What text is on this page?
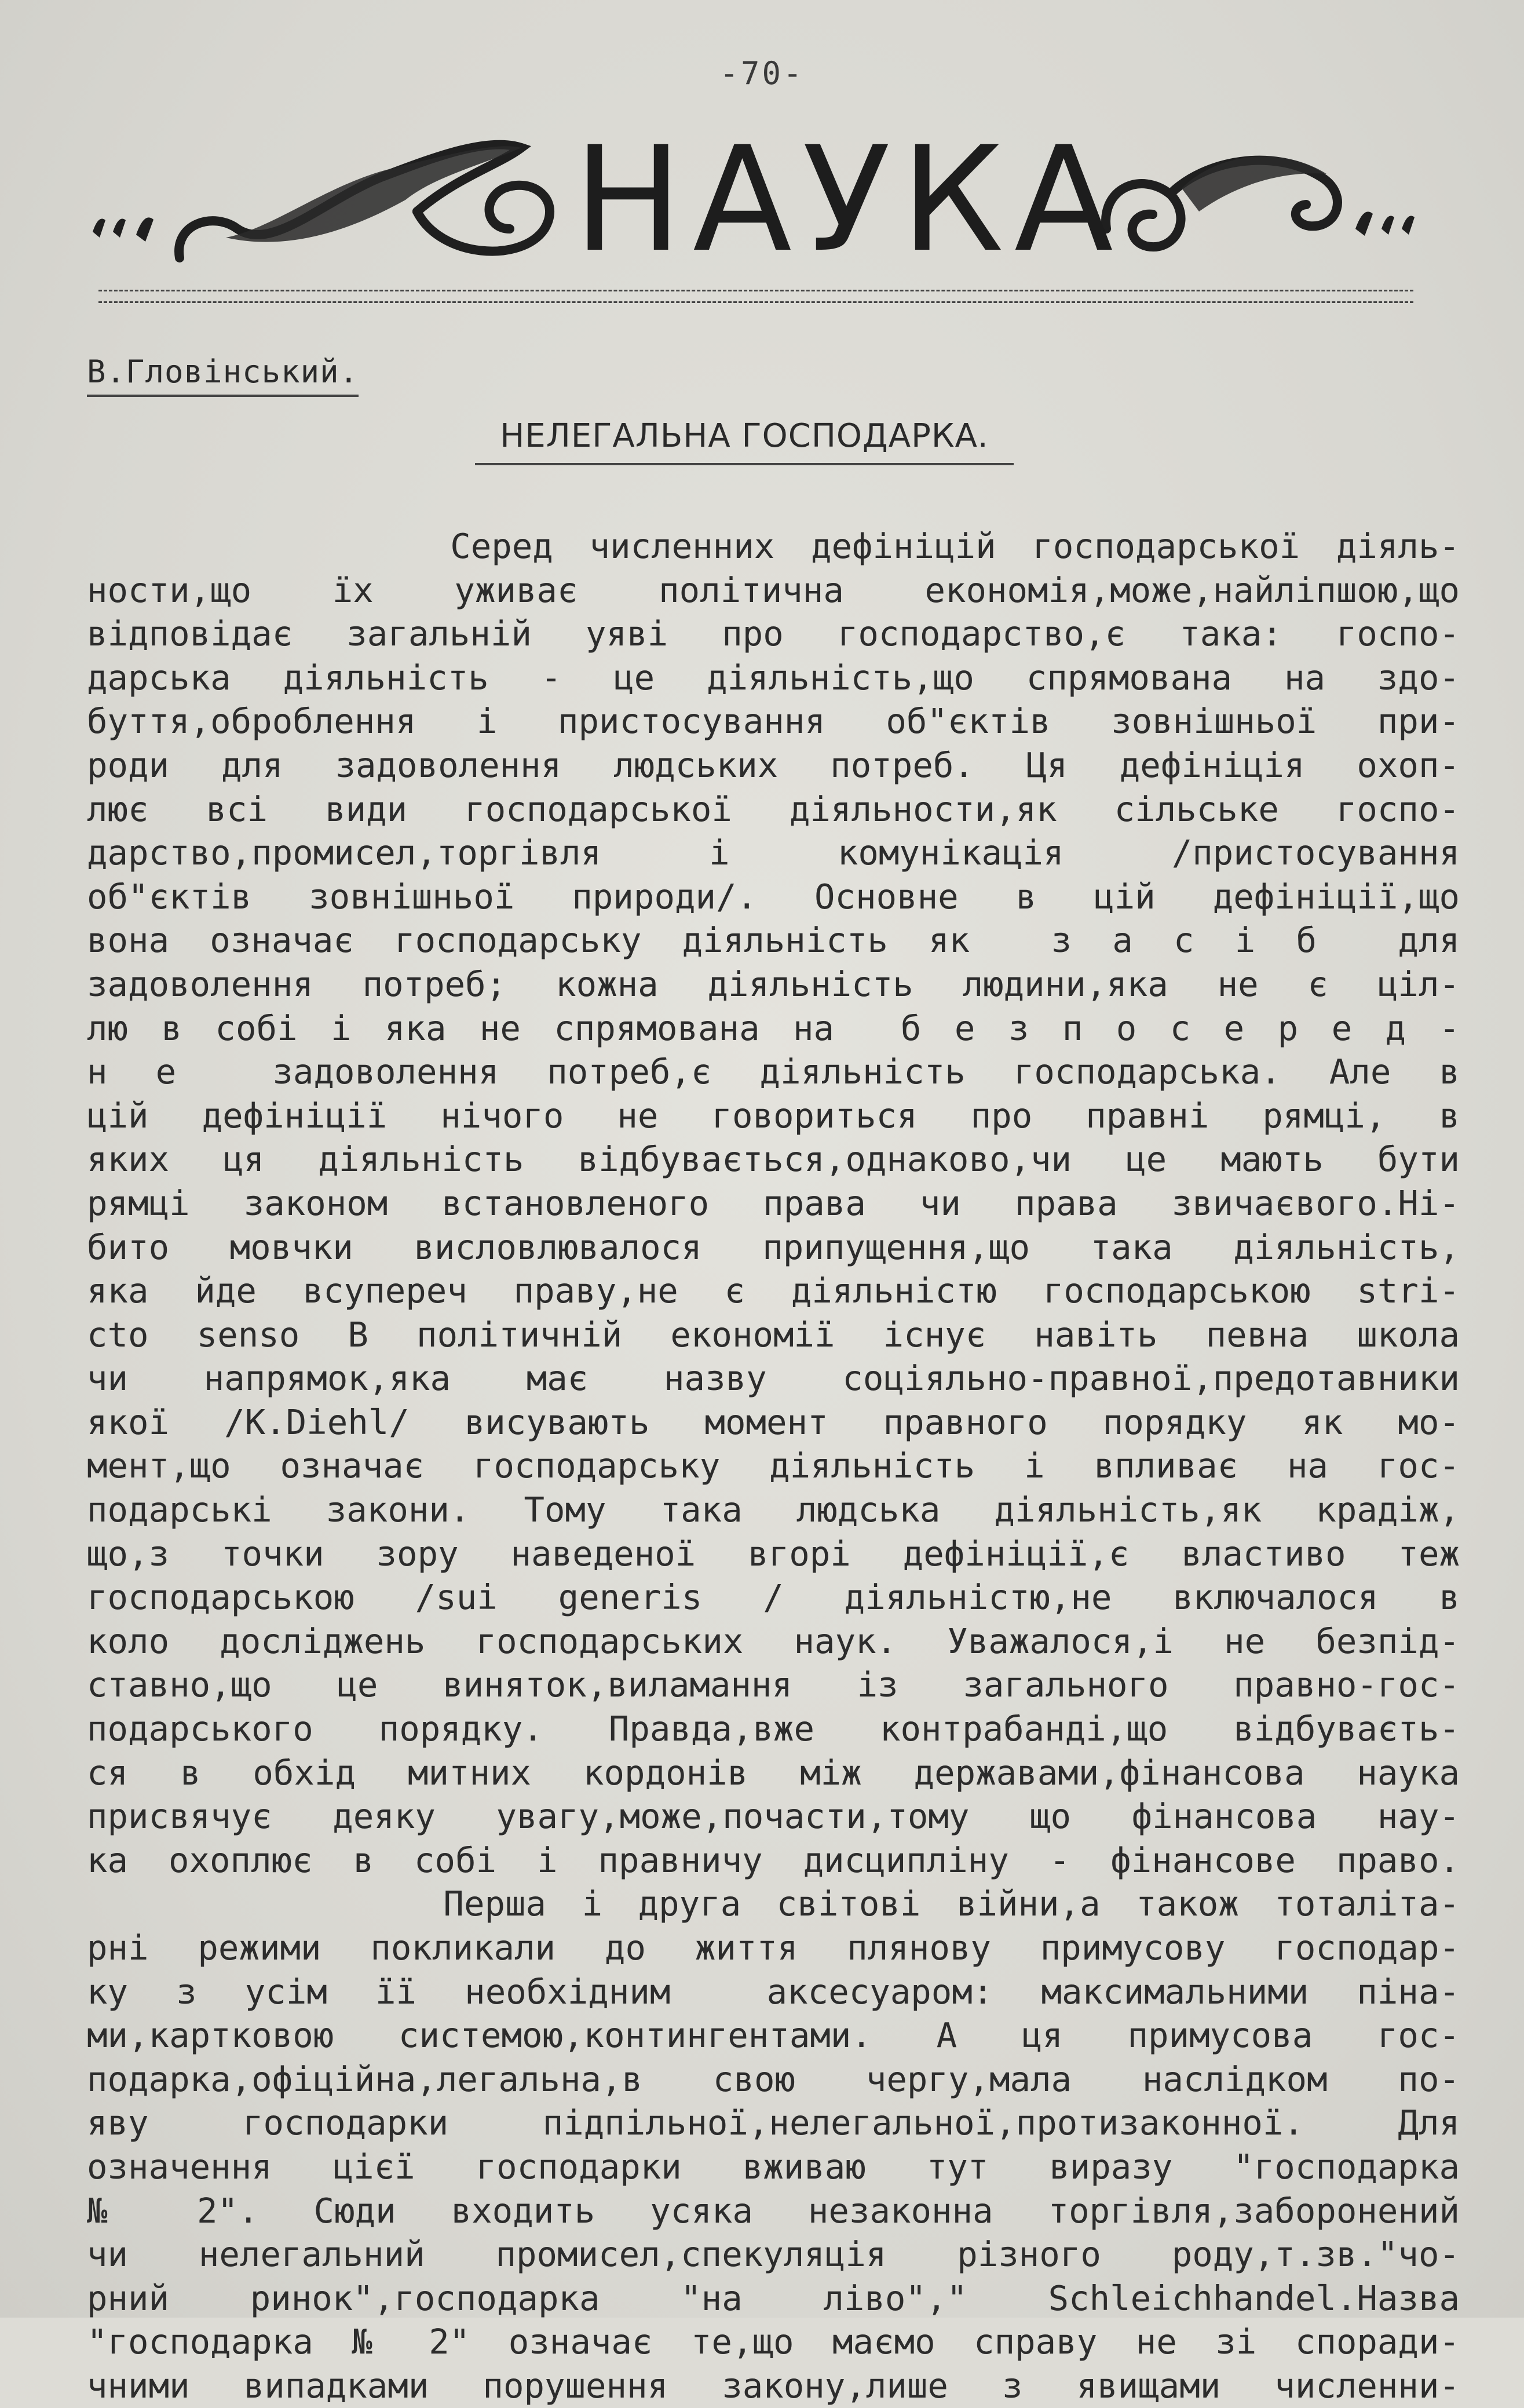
-70-
НАУКА
В.Гловінський.
НЕЛЕГАЛЬНА ГОСПОДАРКА.
Серед численних дефініцій господарської діяль-
ности,що їх уживає політична економія,може,найліпшою,що
відповідає загальній уяві про господарство,є така: госпо-
дарська діяльність - це діяльність,що спрямована на здо-
буття,оброблення і пристосування об"єктів зовнішньої при-
роди для задоволення людських потреб. Ця дефініція охоп-
лює всі види господарської діяльности,як сільське госпо-
дарство,промисел,торгівля і комунікація /пристосування
об"єктів зовнішньої природи/. Основне в цій дефініції,що
вона означає господарську діяльність як  з а с і б  для
задоволення потреб; кожна діяльність людини,яка не є ціл-
лю в собі і яка не спрямована на  б е з п о с е р е д -
н е  задоволення потреб,є діяльність господарська. Але в
цій дефініції нічого не говориться про правні рямці, в
яких ця діяльність відбувається,однаково,чи це мають бути
рямці законом встановленого права чи права звичаєвого.Ні-
бито мовчки висловлювалося припущення,що така діяльність,
яка йде всупереч праву,не є діяльністю господарською stri-
cto senso В політичній економії існує навіть певна школа
чи напрямок,яка має назву соціяльно-правної,предотавники
якої /K.Diehl/ висувають момент правного порядку як мо-
мент,що означає господарську діяльність і впливає на гос-
подарські закони. Тому така людська діяльність,як крадіж,
що,з точки зору наведеної вгорі дефініції,є властиво теж
господарською /sui generis / діяльністю,не включалося в
коло досліджень господарських наук. Уважалося,і не безпід-
ставно,що це виняток,виламання із загального правно-гос-
подарського порядку. Правда,вже контрабанді,що відбуваєть-
ся в обхід митних кордонів між державами,фінансова наука
присвячує деяку увагу,може,почасти,тому що фінансова нау-
ка охоплює в собі і правничу дисципліну - фінансове право.
Перша і друга світові війни,а також тоталіта-
рні режими покликали до життя плянову примусову господар-
ку з усім її необхідним  аксесуаром: максимальними піна-
ми,картковою системою,контингентами. А ця примусова гос-
подарка,офіційна,легальна,в свою чергу,мала наслідком по-
яву господарки підпільної,нелегальної,протизаконної. Для
означення цієї господарки вживаю тут виразу "господарка
№ 2". Сюди входить усяка незаконна торгівля,заборонений
чи нелегальний промисел,спекуляція різного роду,т.зв."чо-
рний ринок",господарка "на ліво"," Schleichhandel.Назва
"господарка № 2" означає те,що маємо справу не зі споради-
чними випадками порушення закону,лише з явищами численни-
